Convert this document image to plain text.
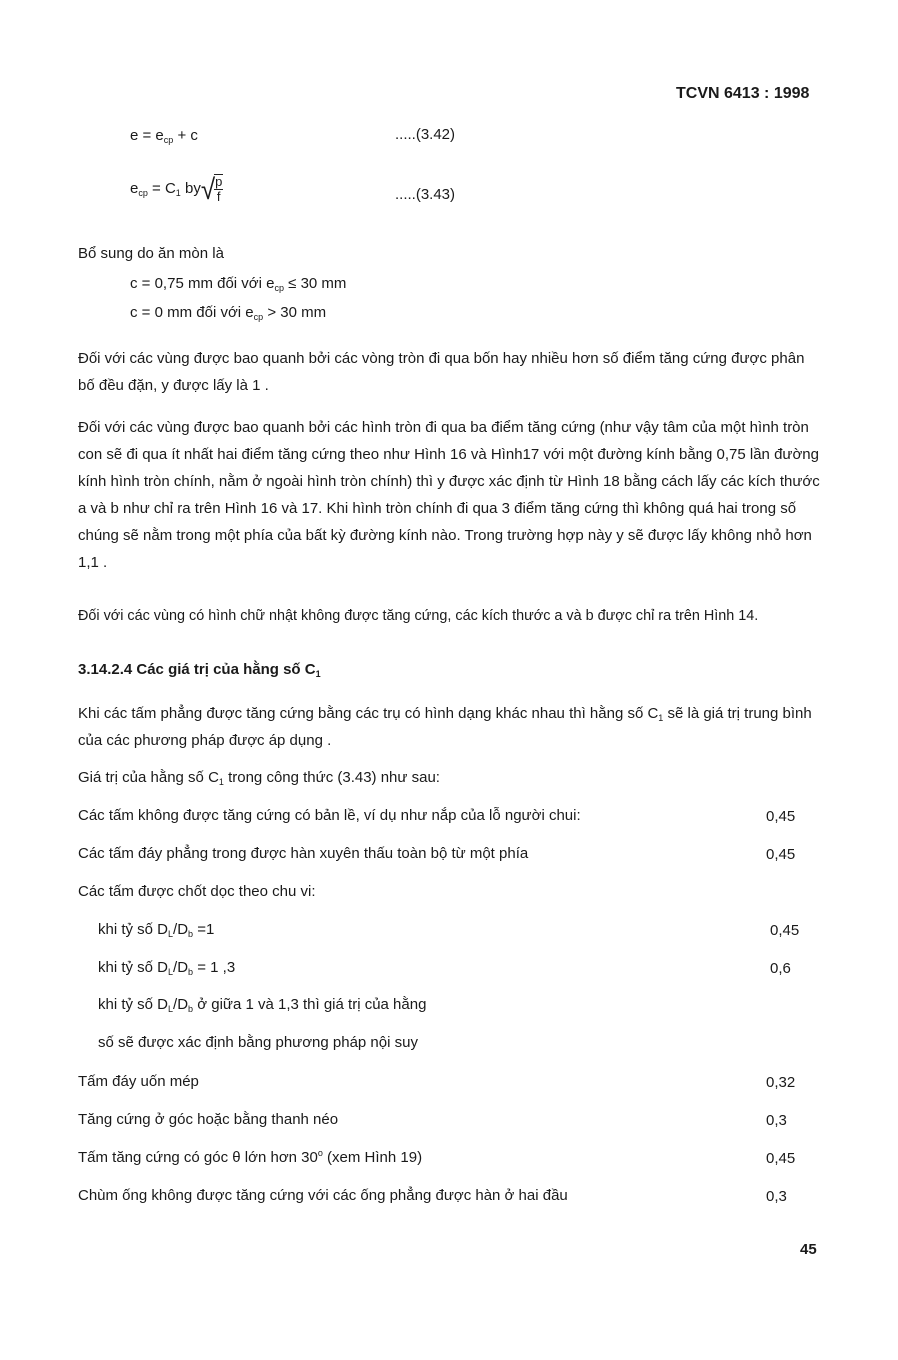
TCVN 6413 : 1998
$e = e_{cp} + c$	.....(3.42)
$e_{cp} = C_1$ $by√ \frac{p}{f}$	.....(3.43)
Bổ sung do ăn mòn là
c = 0,75 mm đối với $e_{cp} \le 30$ mm
c = 0 mm đối với $e_{cp} > 30$ mm
Đối với các vùng được bao quanh bởi các vòng tròn đi qua bốn hay nhiều hơn số điểm tăng cứng được phân bố đều đặn, y được lấy là 1 .
Đối với các vùng được bao quanh bởi các hình tròn đi qua ba điểm tăng cứng (như vậy tâm của một hình tròn con sẽ đi qua ít nhất hai điểm tăng cứng theo như Hình 16 và Hình17 với một đường kính bằng 0,75 lần đường kính hình tròn chính, nằm ở ngoài hình tròn chính) thì y được xác định từ Hình 18 bằng cách lấy các kích thước a và b như chỉ ra trên Hình 16 và 17. Khi hình tròn chính đi qua 3 điểm tăng cứng thì không quá hai trong số chúng sẽ nằm trong một phía của bất kỳ đường kính nào. Trong trường hợp này y sẽ được lấy không nhỏ hơn 1,1 .
Đối với các vùng có hình chữ nhật không được tăng cứng, các kích thước a và b được chỉ ra trên Hình 14.
3.14.2.4 Các giá trị của hằng số $C_1$
Khi các tấm phẳng được tăng cứng bằng các trụ có hình dạng khác nhau thì hằng số $C_1$ sẽ là giá trị trung bình của các phương pháp được áp dụng .
Giá trị của hằng số $C_1$ trong công thức (3.43) như sau:
Các tấm không được tăng cứng có bản lề, ví dụ như nắp của lỗ người chui:	0,45
Các tấm đáy phẳng trong được hàn xuyên thấu toàn bộ từ một phía	0,45
Các tấm được chốt dọc theo chu vi:
khi tỷ số $D_L/D_b =1$	0,45
khi tỷ số $D_L/D_b = 1$ ,3	0,6
khi tỷ số $D_L/D_b$ ở giữa 1 và 1,3 thì giá trị của hằng
số sẽ được xác định bằng phương pháp nội suy
Tấm đáy uốn mép	0,32
Tăng cứng ở góc hoặc bằng thanh néo	0,3
Tấm tăng cứng có góc θ lớn hơn 30$^o$ (xem Hình 19)	0,45
Chùm ống không được tăng cứng với các ống phẳng được hàn ở hai đầu	0,3
45
